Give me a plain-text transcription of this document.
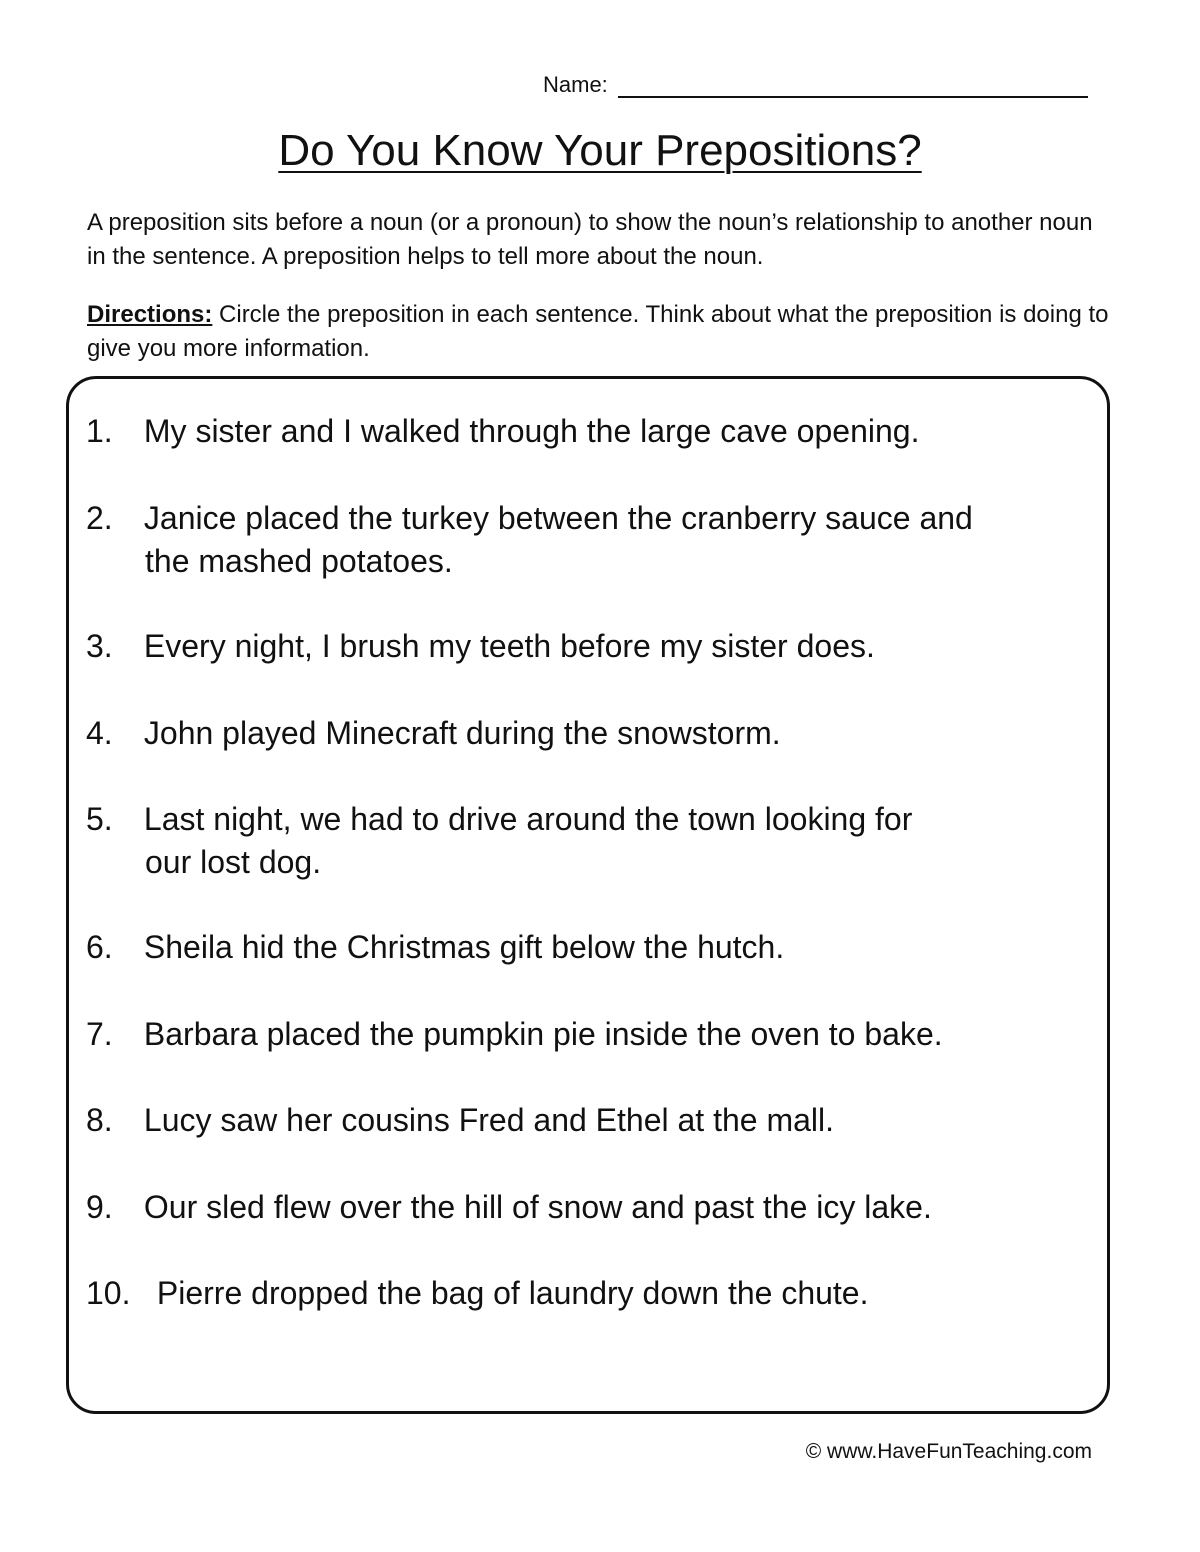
Name:
Do You Know Your Prepositions?

A preposition sits before a noun (or a pronoun) to show the noun’s relationship to another noun in the sentence. A preposition helps to tell more about the noun.

Directions: Circle the preposition in each sentence. Think about what the preposition is doing to give you more information.

1. My sister and I walked through the large cave opening.
2. Janice placed the turkey between the cranberry sauce and
the mashed potatoes.
3. Every night, I brush my teeth before my sister does.
4. John played Minecraft during the snowstorm.
5. Last night, we had to drive around the town looking for
our lost dog.
6. Sheila hid the Christmas gift below the hutch.
7. Barbara placed the pumpkin pie inside the oven to bake.
8. Lucy saw her cousins Fred and Ethel at the mall.
9. Our sled flew over the hill of snow and past the icy lake.
10. Pierre dropped the bag of laundry down the chute.
© www.HaveFunTeaching.com
